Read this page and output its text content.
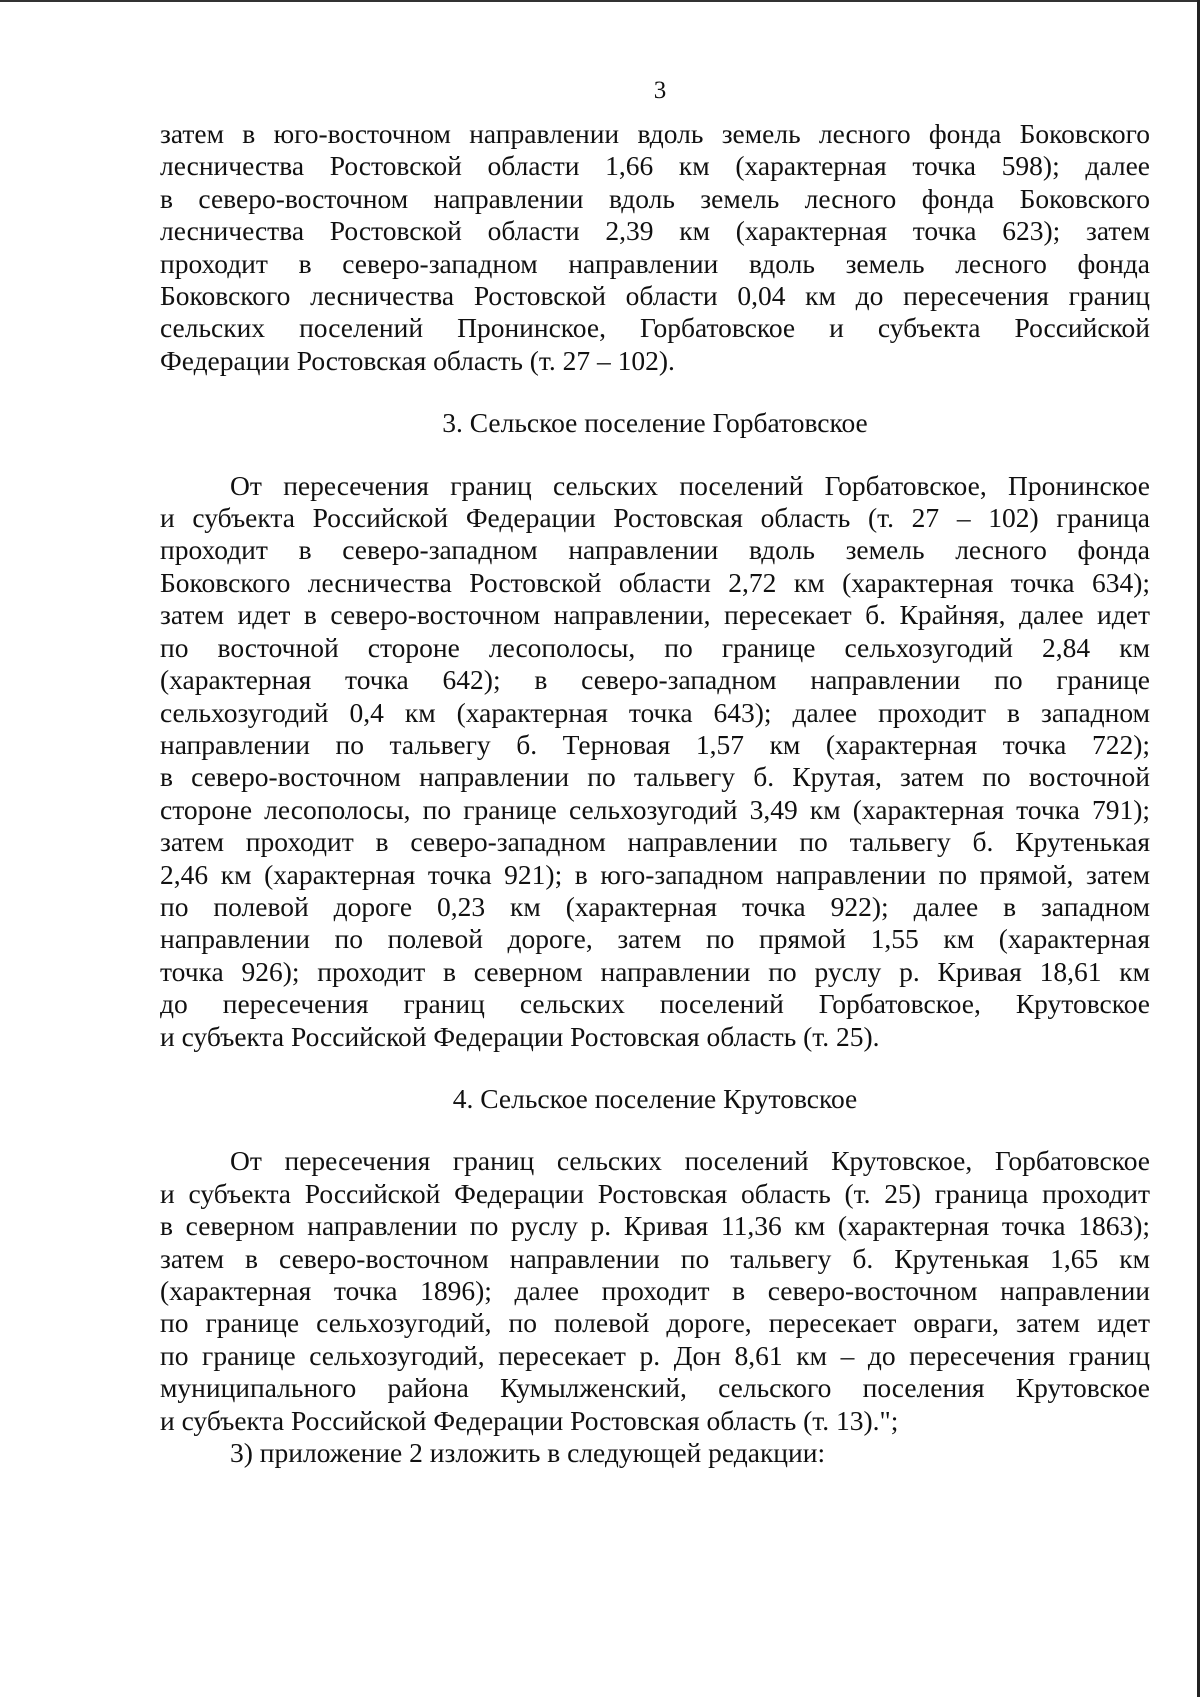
3
затем в юго-восточном направлении вдоль земель лесного фонда Боковского
лесничества Ростовской области 1,66 км (характерная точка 598); далее
в северо-восточном направлении вдоль земель лесного фонда Боковского
лесничества Ростовской области 2,39 км (характерная точка 623); затем
проходит в северо-западном направлении вдоль земель лесного фонда
Боковского лесничества Ростовской области 0,04 км до пересечения границ
сельских поселений Пронинское, Горбатовское и субъекта Российской
Федерации Ростовская область (т. 27 – 102).

3. Сельское поселение Горбатовское

От пересечения границ сельских поселений Горбатовское, Пронинское
и субъекта Российской Федерации Ростовская область (т. 27 – 102) граница
проходит в северо-западном направлении вдоль земель лесного фонда
Боковского лесничества Ростовской области 2,72 км (характерная точка 634);
затем идет в северо-восточном направлении, пересекает б. Крайняя, далее идет
по восточной стороне лесополосы, по границе сельхозугодий 2,84 км
(характерная точка 642); в северо-западном направлении по границе
сельхозугодий 0,4 км (характерная точка 643); далее проходит в западном
направлении по тальвегу б. Терновая 1,57 км (характерная точка 722);
в северо-восточном направлении по тальвегу б. Крутая, затем по восточной
стороне лесополосы, по границе сельхозугодий 3,49 км (характерная точка 791);
затем проходит в северо-западном направлении по тальвегу б. Крутенькая
2,46 км (характерная точка 921); в юго-западном направлении по прямой, затем
по полевой дороге 0,23 км (характерная точка 922); далее в западном
направлении по полевой дороге, затем по прямой 1,55 км (характерная
точка 926); проходит в северном направлении по руслу р. Кривая 18,61 км
до пересечения границ сельских поселений Горбатовское, Крутовское
и субъекта Российской Федерации Ростовская область (т. 25).

4. Сельское поселение Крутовское

От пересечения границ сельских поселений Крутовское, Горбатовское
и субъекта Российской Федерации Ростовская область (т. 25) граница проходит
в северном направлении по руслу р. Кривая 11,36 км (характерная точка 1863);
затем в северо-восточном направлении по тальвегу б. Крутенькая 1,65 км
(характерная точка 1896); далее проходит в северо-восточном направлении
по границе сельхозугодий, по полевой дороге, пересекает овраги, затем идет
по границе сельхозугодий, пересекает р. Дон 8,61 км – до пересечения границ
муниципального района Кумылженский, сельского поселения Крутовское
и субъекта Российской Федерации Ростовская область (т. 13).";
3) приложение 2 изложить в следующей редакции:
